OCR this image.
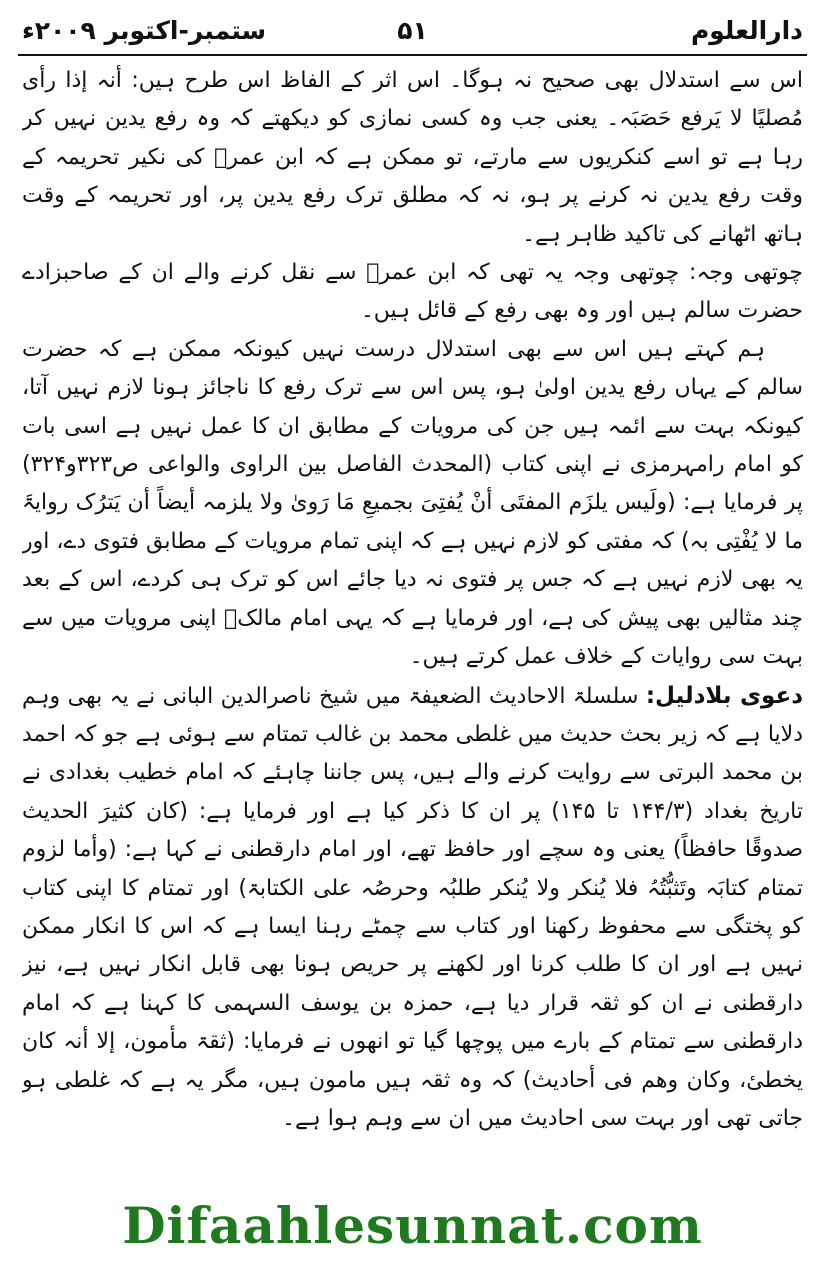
دارالعلوم
۵۱
ستمبر-اکتوبر ۲۰۰۹ء

اس سے استدلال بھی صحیح نہ ہوگا۔ اس اثر کے الفاظ اس طرح ہیں: أنہ إذا رأی مُصلیًا لا یَرفع حَصَبَہ۔ یعنی جب وہ کسی نمازی کو دیکھتے کہ وہ رفع یدین نہیں کر رہا ہے تو اسے کنکریوں سے مارتے، تو ممکن ہے کہ ابن عمرؓ کی نکیر تحریمہ کے وقت رفع یدین نہ کرنے پر ہو، نہ کہ مطلق ترک رفع یدین پر، اور تحریمہ کے وقت ہاتھ اٹھانے کی تاکید ظاہر ہے۔

چوتھی وجہ: چوتھی وجہ یہ تھی کہ ابن عمرؓ سے نقل کرنے والے ان کے صاحبزادے حضرت سالم ہیں اور وہ بھی رفع کے قائل ہیں۔

ہم کہتے ہیں اس سے بھی استدلال درست نہیں کیونکہ ممکن ہے کہ حضرت سالم کے یہاں رفع یدین اولیٰ ہو، پس اس سے ترک رفع کا ناجائز ہونا لازم نہیں آتا، کیونکہ بہت سے ائمہ ہیں جن کی مرویات کے مطابق ان کا عمل نہیں ہے اسی بات کو امام رامہرمزی نے اپنی کتاب (المحدث الفاصل بین الراوی والواعی ص۳۲۳و۳۲۴) پر فرمایا ہے: (ولَیس یلزَم المفتَی أنْ یُفتِیَ بجمیعِ مَا رَویٰ ولا یلزمہ أیضاً أن یَترُک روایۃَ ما لا یُفْتِی بہ) کہ مفتی کو لازم نہیں ہے کہ اپنی تمام مرویات کے مطابق فتوی دے، اور یہ بھی لازم نہیں ہے کہ جس پر فتوی نہ دیا جائے اس کو ترک ہی کردے، اس کے بعد چند مثالیں بھی پیش کی ہے، اور فرمایا ہے کہ یہی امام مالکؒ اپنی مرویات میں سے بہت سی روایات کے خلاف عمل کرتے ہیں۔

دعوی بلادلیل: سلسلۃ الاحادیث الضعیفۃ میں شیخ ناصرالدین البانی نے یہ بھی وہم دلایا ہے کہ زیر بحث حدیث میں غلطی محمد بن غالب تمتام سے ہوئی ہے جو کہ احمد بن محمد البرتی سے روایت کرنے والے ہیں، پس جاننا چاہئے کہ امام خطیب بغدادی نے تاریخ بغداد (۱۴۴/۳ تا ۱۴۵) پر ان کا ذکر کیا ہے اور فرمایا ہے: (کان کثیرَ الحدیث صدوقًا حافظاً) یعنی وہ سچے اور حافظ تھے، اور امام دارقطنی نے کہا ہے: (وأما لزوم تمتام کتابَہ وتَثبُّتُہُ فلا یُنکر ولا یُنکر طلبُہ وحرصُہ علی الکتابۃ) اور تمتام کا اپنی کتاب کو پختگی سے محفوظ رکھنا اور کتاب سے چمٹے رہنا ایسا ہے کہ اس کا انکار ممکن نہیں ہے اور ان کا طلب کرنا اور لکھنے پر حریص ہونا بھی قابل انکار نہیں ہے، نیز دارقطنی نے ان کو ثقہ قرار دیا ہے، حمزہ بن یوسف السہمی کا کہنا ہے کہ امام دارقطنی سے تمتام کے بارے میں پوچھا گیا تو انھوں نے فرمایا: (ثقۃ مأمون، إلا أنہ کان یخطیٔ، وکان وھم فی أحادیث) کہ وہ ثقہ ہیں مامون ہیں، مگر یہ ہے کہ غلطی ہو جاتی تھی اور بہت سی احادیث میں ان سے وہم ہوا ہے۔

Difaahlesunnat.com
